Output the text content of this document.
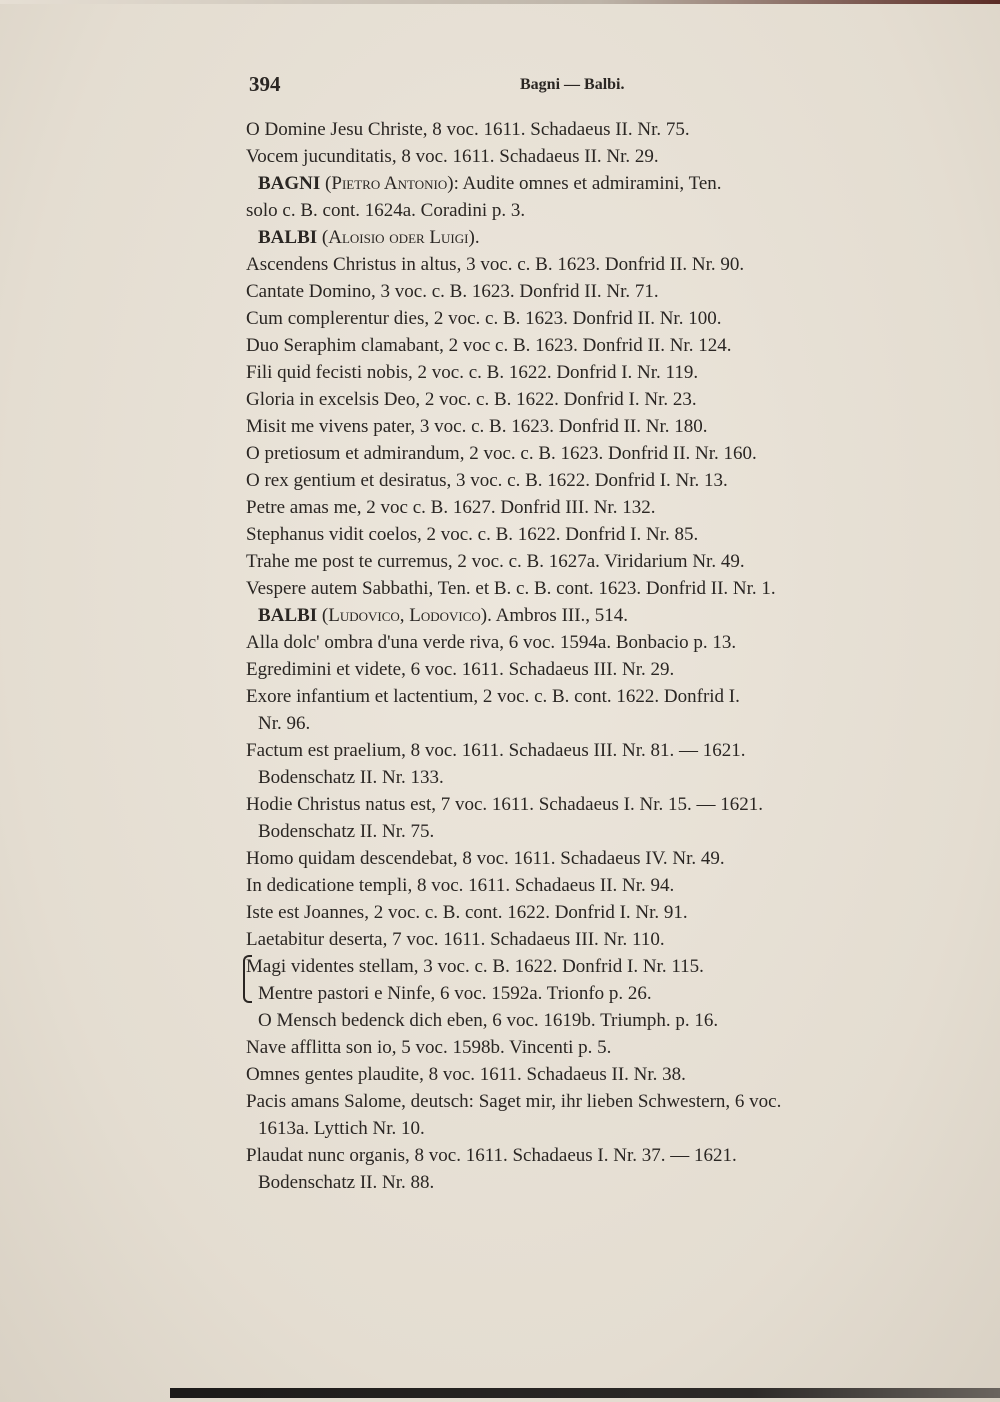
394	Bagni — Balbi.
O Domine Jesu Christe, 8 voc. 1611. Schadaeus II. Nr. 75.
Vocem jucunditatis, 8 voc. 1611. Schadaeus II. Nr. 29.
BAGNI (Pietro Antonio): Audite omnes et admiramini, Ten.
solo c. B. cont. 1624a. Coradini p. 3.
BALBI (Aloisio oder Luigi).
Ascendens Christus in altus, 3 voc. c. B. 1623. Donfrid II. Nr. 90.
Cantate Domino, 3 voc. c. B. 1623. Donfrid II. Nr. 71.
Cum complerentur dies, 2 voc. c. B. 1623. Donfrid II. Nr. 100.
Duo Seraphim clamabant, 2 voc c. B. 1623. Donfrid II. Nr. 124.
Fili quid fecisti nobis, 2 voc. c. B. 1622. Donfrid I. Nr. 119.
Gloria in excelsis Deo, 2 voc. c. B. 1622. Donfrid I. Nr. 23.
Misit me vivens pater, 3 voc. c. B. 1623. Donfrid II. Nr. 180.
O pretiosum et admirandum, 2 voc. c. B. 1623. Donfrid II. Nr. 160.
O rex gentium et desiratus, 3 voc. c. B. 1622. Donfrid I. Nr. 13.
Petre amas me, 2 voc c. B. 1627. Donfrid III. Nr. 132.
Stephanus vidit coelos, 2 voc. c. B. 1622. Donfrid I. Nr. 85.
Trahe me post te curremus, 2 voc. c. B. 1627a. Viridarium Nr. 49.
Vespere autem Sabbathi, Ten. et B. c. B. cont. 1623. Donfrid II. Nr. 1.
BALBI (Ludovico, Lodovico). Ambros III., 514.
Alla dolc' ombra d'una verde riva, 6 voc. 1594a. Bonbacio p. 13.
Egredimini et videte, 6 voc. 1611. Schadaeus III. Nr. 29.
Exore infantium et lactentium, 2 voc. c. B. cont. 1622. Donfrid I.
Nr. 96.
Factum est praelium, 8 voc. 1611. Schadaeus III. Nr. 81. — 1621.
Bodenschatz II. Nr. 133.
Hodie Christus natus est, 7 voc. 1611. Schadaeus I. Nr. 15. — 1621.
Bodenschatz II. Nr. 75.
Homo quidam descendebat, 8 voc. 1611. Schadaeus IV. Nr. 49.
In dedicatione templi, 8 voc. 1611. Schadaeus II. Nr. 94.
Iste est Joannes, 2 voc. c. B. cont. 1622. Donfrid I. Nr. 91.
Laetabitur deserta, 7 voc. 1611. Schadaeus III. Nr. 110.
Magi videntes stellam, 3 voc. c. B. 1622. Donfrid I. Nr. 115.
Mentre pastori e Ninfe, 6 voc. 1592a. Trionfo p. 26.
O Mensch bedenck dich eben, 6 voc. 1619b. Triumph. p. 16.
Nave afflitta son io, 5 voc. 1598b. Vincenti p. 5.
Omnes gentes plaudite, 8 voc. 1611. Schadaeus II. Nr. 38.
Pacis amans Salome, deutsch: Saget mir, ihr lieben Schwestern, 6 voc.
1613a. Lyttich Nr. 10.
Plaudat nunc organis, 8 voc. 1611. Schadaeus I. Nr. 37. — 1621.
Bodenschatz II. Nr. 88.
